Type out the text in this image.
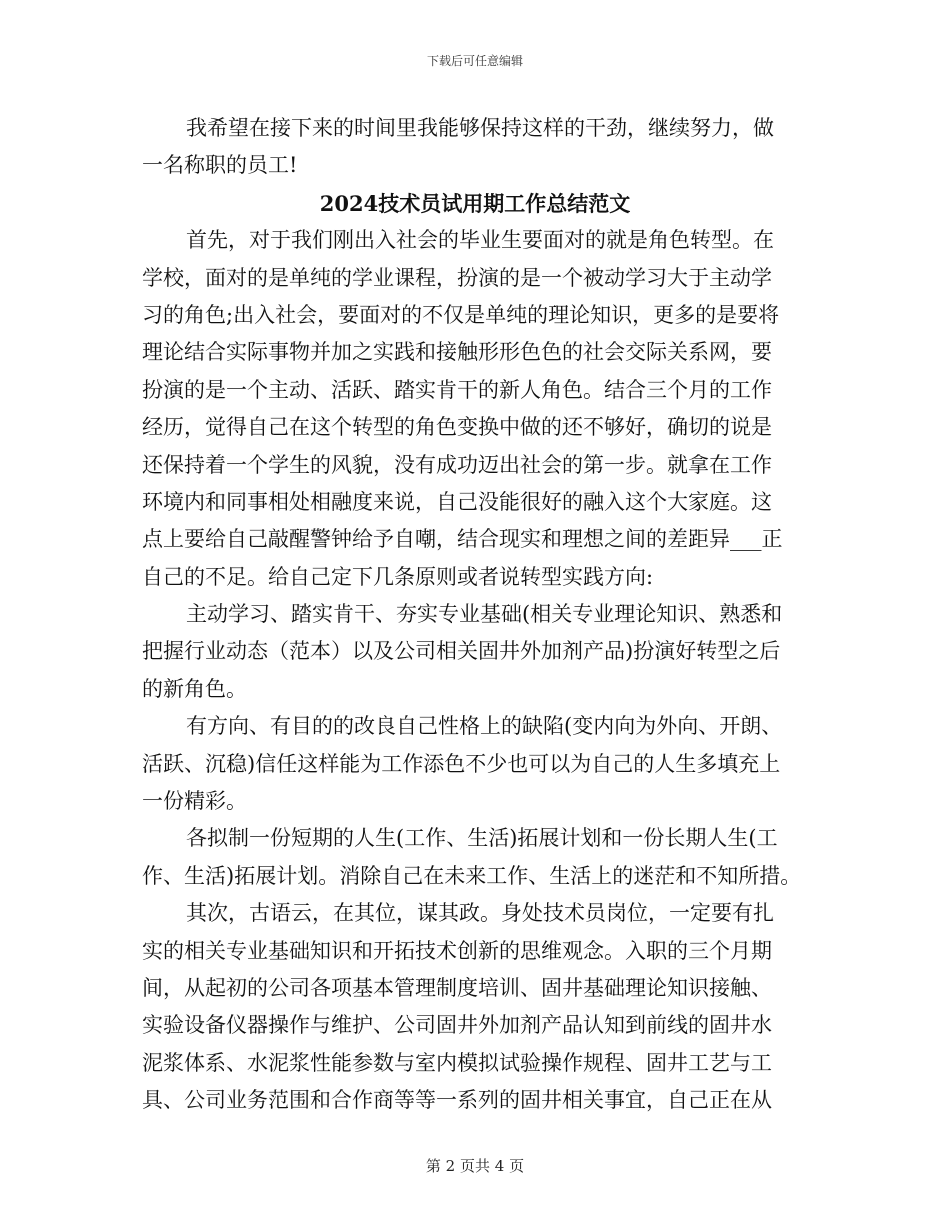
下载后可任意编辑
我希望在接下来的时间里我能够保持这样的干劲，继续努力，做
一名称职的员工!
2024技术员试用期工作总结范文
首先，对于我们刚出入社会的毕业生要面对的就是角色转型。在
学校，面对的是单纯的学业课程，扮演的是一个被动学习大于主动学
习的角色;出入社会，要面对的不仅是单纯的理论知识，更多的是要将
理论结合实际事物并加之实践和接触形形色色的社会交际关系网，要
扮演的是一个主动、活跃、踏实肯干的新人角色。结合三个月的工作
经历，觉得自己在这个转型的角色变换中做的还不够好，确切的说是
还保持着一个学生的风貌，没有成功迈出社会的第一步。就拿在工作
环境内和同事相处相融度来说，自己没能很好的融入这个大家庭。这
点上要给自己敲醒警钟给予自嘲，结合现实和理想之间的差距异___正
自己的不足。给自己定下几条原则或者说转型实践方向:
主动学习、踏实肯干、夯实专业基础(相关专业理论知识、熟悉和
把握行业动态（范本）以及公司相关固井外加剂产品)扮演好转型之后
的新角色。
有方向、有目的的改良自己性格上的缺陷(变内向为外向、开朗、
活跃、沉稳)信任这样能为工作添色不少也可以为自己的人生多填充上
一份精彩。
各拟制一份短期的人生(工作、生活)拓展计划和一份长期人生(工
作、生活)拓展计划。消除自己在未来工作、生活上的迷茫和不知所措。
其次，古语云，在其位，谋其政。身处技术员岗位，一定要有扎
实的相关专业基础知识和开拓技术创新的思维观念。入职的三个月期
间，从起初的公司各项基本管理制度培训、固井基础理论知识接触、
实验设备仪器操作与维护、公司固井外加剂产品认知到前线的固井水
泥浆体系、水泥浆性能参数与室内模拟试验操作规程、固井工艺与工
具、公司业务范围和合作商等等一系列的固井相关事宜，自己正在从
第 2 页共 4 页
